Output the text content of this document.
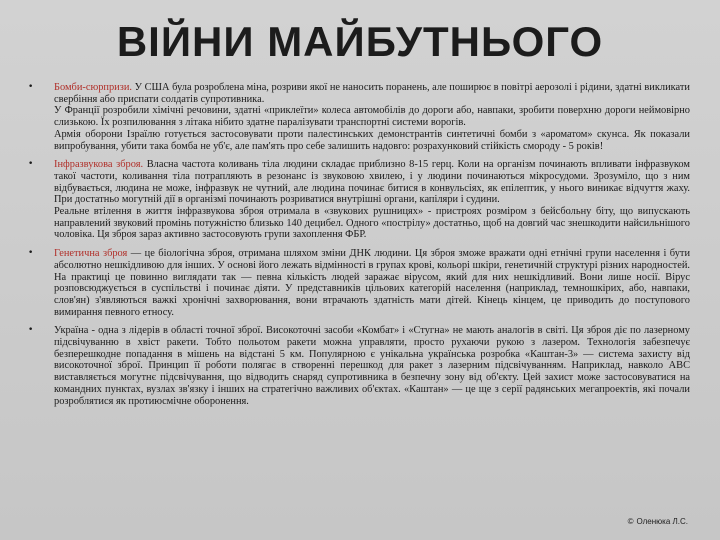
ВІЙНИ МАЙБУТНЬОГО
• Бомби-сюрпризи. У США була розроблена міна, розриви якої не наносить поранень, але поширює в повітрі аерозолі і рідини, здатні викликати свербіння або приспати солдатів супротивника.
У Франції розробили хімічні речовини, здатні «приклеїти» колеса автомобілів до дороги або, навпаки, зробити поверхню дороги неймовірно слизькою. Їх розпилювання з літака нібито здатне паралізувати транспортні системи ворогів.
Армія оборони Ізраїлю готується застосовувати проти палестинських демонстрантів синтетичні бомби з «ароматом» скунса. Як показали випробування, убити така бомба не уб'є, але пам'ять про себе залишить надовго: розрахунковий стійкість смороду - 5 років!
• Інфразвукова зброя. Власна частота коливань тіла людини складає приблизно 8-15 герц. Коли на організм починають впливати інфразвуком такої частоти, коливання тіла потрапляють в резонанс із звуковою хвилею, і у людини починаються мікросудоми. Зрозуміло, що з ним відбувається, людина не може, інфразвук не чутний, але людина починає битися в конвульсіях, як епілептик, у нього виникає відчуття жаху. При достатньо могутній дії в організмі починають розриватися внутрішні органи, капіляри і судини.
Реальне втілення в життя інфразвукова зброя отримала в «звукових рушницях» - пристроях розміром з бейсбольну біту, що випускають направлений звуковий промінь потужністю близько 140 децибел. Одного «пострілу» достатньо, щоб на довгий час знешкодити найсильнішого чоловіка. Ця зброя зараз активно застосовують групи захоплення ФБР.
• Генетична зброя — це біологічна зброя, отримана шляхом зміни ДНК людини. Ця зброя зможе вражати одні етнічні групи населення і бути абсолютно нешкідливою для інших. У основі його лежать відмінності в групах крові, кольорі шкіри, генетичній структурі різних народностей. На практиці це повинно виглядати так — певна кількість людей заражає вірусом, який для них нешкідливий. Вони лише носії. Вірус розповсюджується в суспільстві і починає діяти. У представників цільових категорій населення (наприклад, темношкірих, або, навпаки, слов'ян) з'являються важкі хронічні захворювання, вони втрачають здатність мати дітей. Кінець кінцем, це приводить до поступового вимирання певного етносу.
• Україна - одна з лідерів в області точної зброї. Високоточні засоби «Комбат» і «Стугна» не мають аналогів в світі. Ця зброя діє по лазерному підсвічуванню в хвіст ракети. Тобто польотом ракети можна управляти, просто рухаючи рукою з лазером. Технологія забезпечує безперешкодне попадання в мішень на відстані 5 км. Популярною є унікальна українська розробка «Каштан-3» — система захисту від високоточної зброї. Принцип її роботи полягає в створенні перешкод для ракет з лазерним підсвічуванням. Наприклад, навколо АВС виставляється могутнє підсвічування, що відводить снаряд супротивника в безпечну зону від об'єкту. Цей захист може застосовуватися на командних пунктах, вузлах зв'язку і інших на стратегічно важливих об'єктах. «Каштан» — це ще з серії радянських мегапроектів, які почали розроблятися як протиюсмічне оборонення.
© Оленюка Л.С.
